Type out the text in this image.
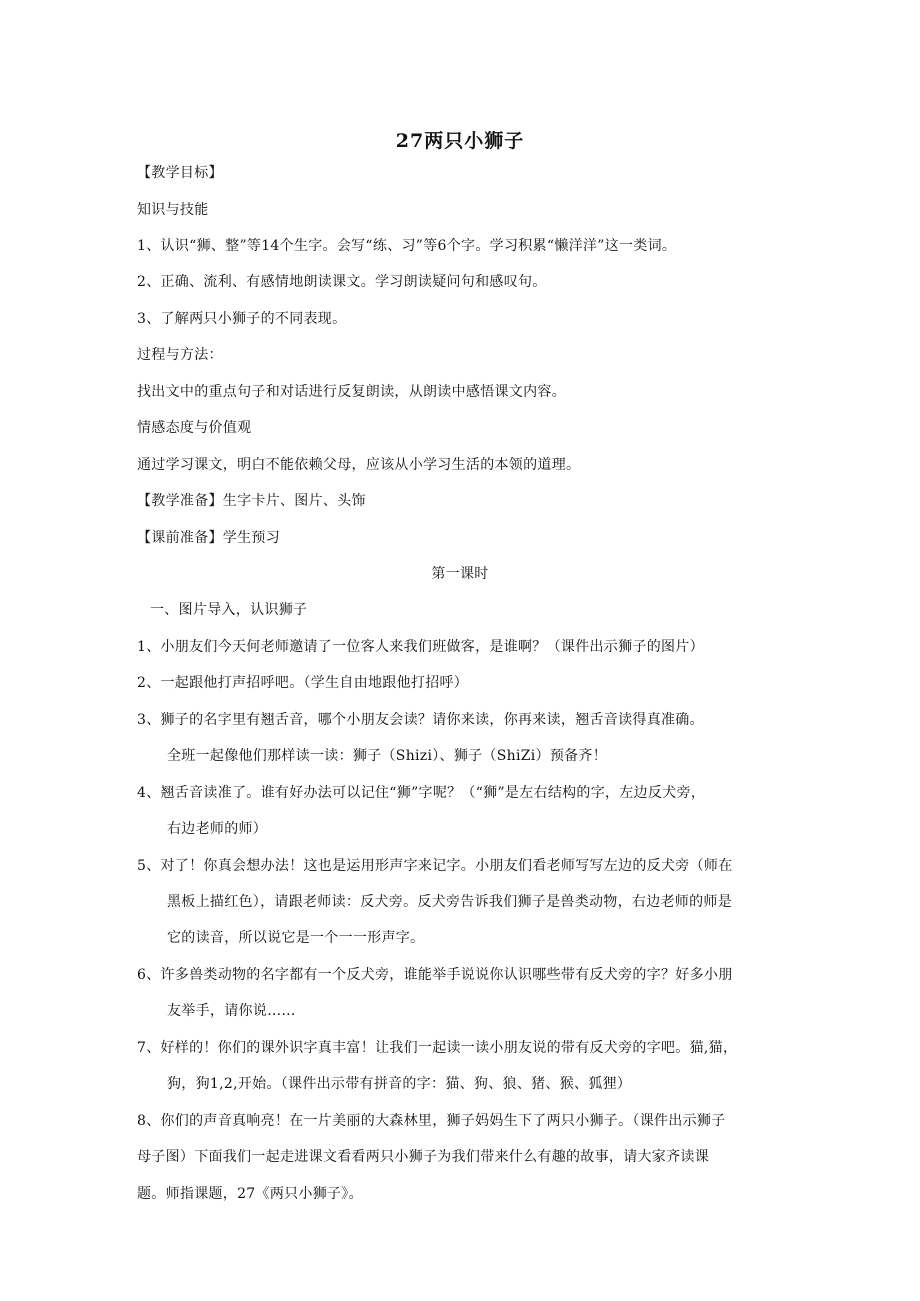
27两只小狮子
【教学目标】
知识与技能
1、认识“狮、整”等14个生字。会写“练、习”等6个字。学习积累“懒洋洋”这一类词。
2、正确、流利、有感情地朗读课文。学习朗读疑问句和感叹句。
3、了解两只小狮子的不同表现。
过程与方法：
找出文中的重点句子和对话进行反复朗读，从朗读中感悟课文内容。
情感态度与价值观
通过学习课文，明白不能依赖父母，应该从小学习生活的本领的道理。
【教学准备】生字卡片、图片、头饰
【课前准备】学生预习
第一课时
一、图片导入，认识狮子
1、小朋友们今天何老师邀请了一位客人来我们班做客，是谁啊？（课件出示狮子的图片）
2、一起跟他打声招呼吧。（学生自由地跟他打招呼）
3、狮子的名字里有翘舌音，哪个小朋友会读？请你来读，你再来读，翘舌音读得真准确。
全班一起像他们那样读一读：狮子（Shizi）、狮子（ShiZi）预备齐！
4、翘舌音读准了。谁有好办法可以记住“狮”字呢？（“狮”是左右结构的字，左边反犬旁，
右边老师的师）
5、对了！你真会想办法！这也是运用形声字来记字。小朋友们看老师写写左边的反犬旁（师在
黑板上描红色），请跟老师读：反犬旁。反犬旁告诉我们狮子是兽类动物，右边老师的师是
它的读音，所以说它是一个一一形声字。
6、许多兽类动物的名字都有一个反犬旁，谁能举手说说你认识哪些带有反犬旁的字？好多小朋
友举手，请你说……
7、好样的！你们的课外识字真丰富！让我们一起读一读小朋友说的带有反犬旁的字吧。猫,猫，
狗，狗1,2,开始。（课件出示带有拼音的字：猫、狗、狼、猪、猴、狐狸）
8、你们的声音真响亮！在一片美丽的大森林里，狮子妈妈生下了两只小狮子。（课件出示狮子
母子图）下面我们一起走进课文看看两只小狮子为我们带来什么有趣的故事，请大家齐读课
题。师指课题，27《两只小狮子》。
